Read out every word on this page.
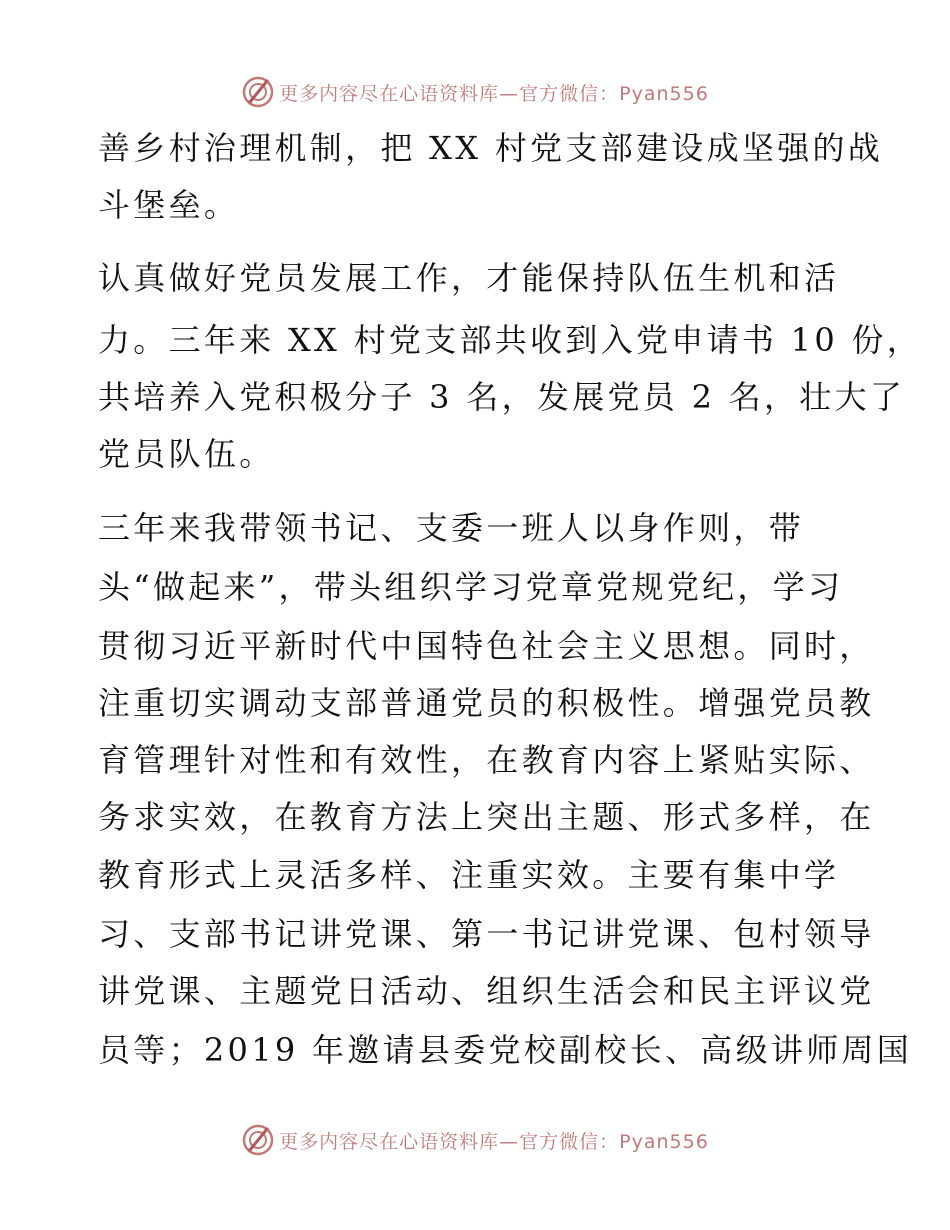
更多内容尽在心语资料库—官方微信：Pyan556

善乡村治理机制，把 XX 村党支部建设成坚强的战

斗堡垒。

认真做好党员发展工作，才能保持队伍生机和活

力。三年来 XX 村党支部共收到入党申请书 10 份，

共培养入党积极分子 3 名，发展党员 2 名，壮大了

党员队伍。

三年来我带领书记、支委一班人以身作则，带

头“做起来”，带头组织学习党章党规党纪，学习

贯彻习近平新时代中国特色社会主义思想。同时，

注重切实调动支部普通党员的积极性。增强党员教

育管理针对性和有效性，在教育内容上紧贴实际、

务求实效，在教育方法上突出主题、形式多样，在

教育形式上灵活多样、注重实效。主要有集中学

习、支部书记讲党课、第一书记讲党课、包村领导

讲党课、主题党日活动、组织生活会和民主评议党

员等；2019 年邀请县委党校副校长、高级讲师周国

更多内容尽在心语资料库—官方微信：Pyan556
